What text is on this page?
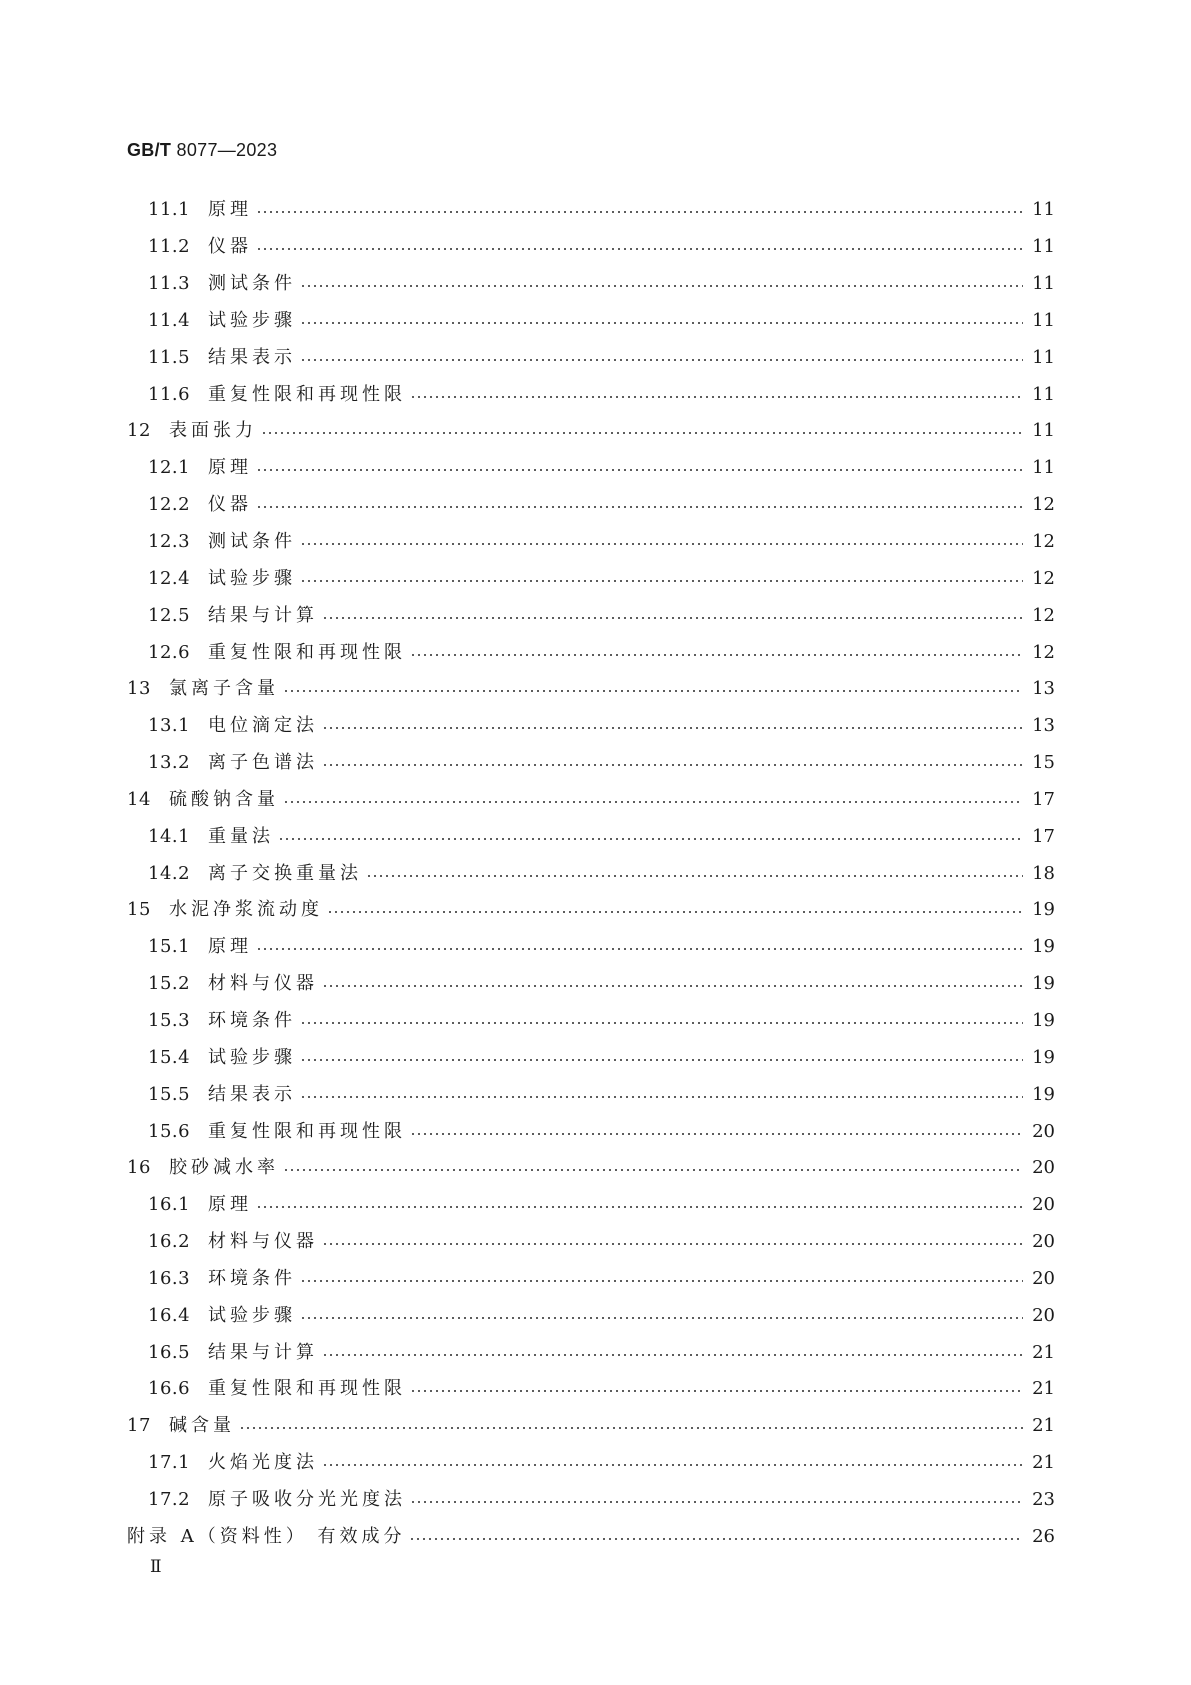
GB/T 8077—2023
11.1 原理	11
11.2 仪器	11
11.3 测试条件	11
11.4 试验步骤	11
11.5 结果表示	11
11.6 重复性限和再现性限	11
12	表面张力	11
12.1 原理	11
12.2 仪器	12
12.3 测试条件	12
12.4 试验步骤	12
12.5 结果与计算	12
12.6 重复性限和再现性限	12
13	氯离子含量	13
13.1 电位滴定法	13
13.2 离子色谱法	15
14	硫酸钠含量	17
14.1 重量法	17
14.2 离子交换重量法	18
15	水泥净浆流动度	19
15.1 原理	19
15.2 材料与仪器	19
15.3 环境条件	19
15.4 试验步骤	19
15.5 结果表示	19
15.6 重复性限和再现性限	20
16	胶砂减水率	20
16.1 原理	20
16.2 材料与仪器	20
16.3 环境条件	20
16.4 试验步骤	20
16.5 结果与计算	21
16.6 重复性限和再现性限	21
17	碱含量	21
17.1 火焰光度法	21
17.2 原子吸收分光光度法	23
附录 A（资料性） 有效成分	26
Ⅱ
